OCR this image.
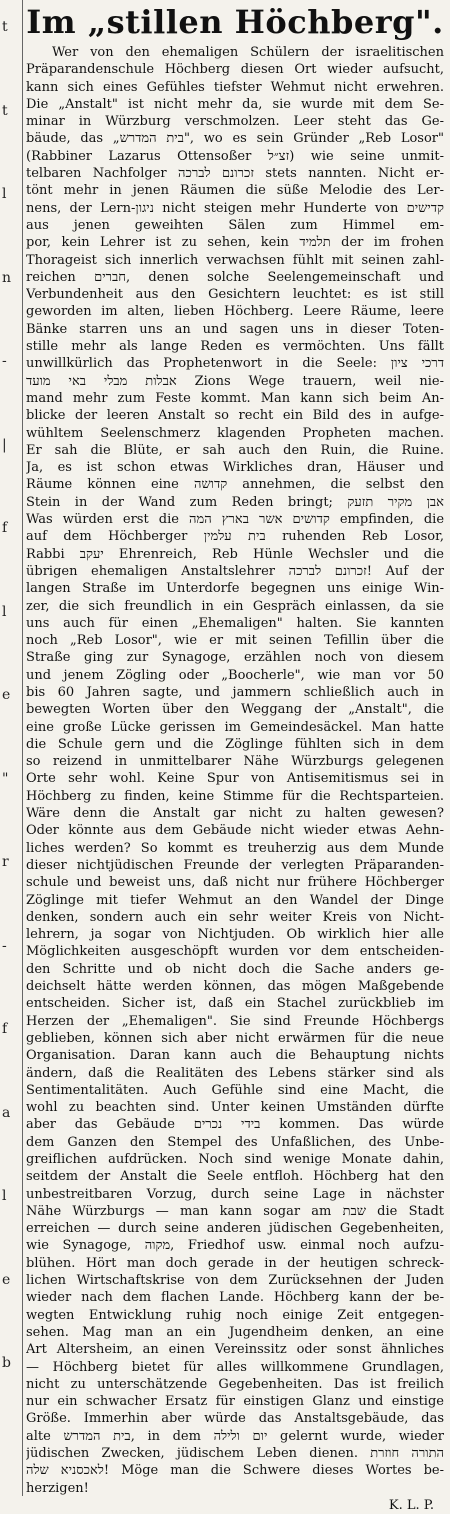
t
t
l
n
-
|
f
l
e
"
r
-
f
a
l
e
b
Im „stillen Höchberg".
Wer von den ehemaligen Schülern der israelitischen
Präparandenschule Höchberg diesen Ort wieder aufsucht,
kann sich eines Gefühles tiefster Wehmut nicht erwehren.
Die „Anstalt" ist nicht mehr da, sie wurde mit dem Se-
minar in Würzburg verschmolzen. Leer steht das Ge-
bäude, das „בית המדרש", wo es sein Gründer „Reb Losor"
(Rabbiner Lazarus Ottensoßer זצ״ל) wie seine unmit-
telbaren Nachfolger זכרונם לברכה stets nannten. Nicht er-
tönt mehr in jenen Räumen die süße Melodie des Ler-
nens, der Lern-ניגון nicht steigen mehr Hunderte von קדישים
aus jenen geweihten Sälen zum Himmel em-
por, kein Lehrer ist zu sehen, kein תלמיד der im frohen
Thorageist sich innerlich verwachsen fühlt mit seinen zahl-
reichen חברים, denen solche Seelengemeinschaft und
Verbundenheit aus den Gesichtern leuchtet: es ist still
geworden im alten, lieben Höchberg. Leere Räume, leere
Bänke starren uns an und sagen uns in dieser Toten-
stille mehr als lange Reden es vermöchten. Uns fällt
unwillkürlich das Prophetenwort in die Seele: דרכי ציון
אבלות מבלי באי מועד Zions Wege trauern, weil nie-
mand mehr zum Feste kommt. Man kann sich beim An-
blicke der leeren Anstalt so recht ein Bild des in aufge-
wühltem Seelenschmerz klagenden Propheten machen.
Er sah die Blüte, er sah auch den Ruin, die Ruine.
Ja, es ist schon etwas Wirkliches dran, Häuser und
Räume können eine קדושה annehmen, die selbst den
Stein in der Wand zum Reden bringt; אבן מקיר תזעק
Was würden erst die קדושים אשר בארץ המה empfinden, die
auf dem Höchberger בית עלמין ruhenden Reb Losor,
Rabbi יעקב Ehrenreich, Reb Hünle Wechsler und die
übrigen ehemaligen Anstaltslehrer זכרונם לברכה! Auf der
langen Straße im Unterdorfe begegnen uns einige Win-
zer, die sich freundlich in ein Gespräch einlassen, da sie
uns auch für einen „Ehemaligen" halten. Sie kannten
noch „Reb Losor", wie er mit seinen Tefillin über die
Straße ging zur Synagoge, erzählen noch von diesem
und jenem Zögling oder „Boocherle", wie man vor 50
bis 60 Jahren sagte, und jammern schließlich auch in
bewegten Worten über den Weggang der „Anstalt", die
eine große Lücke gerissen im Gemeindesäckel. Man hatte
die Schule gern und die Zöglinge fühlten sich in dem
so reizend in unmittelbarer Nähe Würzburgs gelegenen
Orte sehr wohl. Keine Spur von Antisemitismus sei in
Höchberg zu finden, keine Stimme für die Rechtsparteien.
Wäre denn die Anstalt gar nicht zu halten gewesen?
Oder könnte aus dem Gebäude nicht wieder etwas Aehn-
liches werden? So kommt es treuherzig aus dem Munde
dieser nichtjüdischen Freunde der verlegten Präparanden-
schule und beweist uns, daß nicht nur frühere Höchberger
Zöglinge mit tiefer Wehmut an den Wandel der Dinge
denken, sondern auch ein sehr weiter Kreis von Nicht-
lehrern, ja sogar von Nichtjuden. Ob wirklich hier alle
Möglichkeiten ausgeschöpft wurden vor dem entscheiden-
den Schritte und ob nicht doch die Sache anders ge-
deichselt hätte werden können, das mögen Maßgebende
entscheiden. Sicher ist, daß ein Stachel zurückblieb im
Herzen der „Ehemaligen". Sie sind Freunde Höchbergs
geblieben, können sich aber nicht erwärmen für die neue
Organisation. Daran kann auch die Behauptung nichts
ändern, daß die Realitäten des Lebens stärker sind als
Sentimentalitäten. Auch Gefühle sind eine Macht, die
wohl zu beachten sind. Unter keinen Umständen dürfte
aber das Gebäude בידי נכרים kommen. Das würde
dem Ganzen den Stempel des Unfaßlichen, des Unbe-
greiflichen aufdrücken. Noch sind wenige Monate dahin,
seitdem der Anstalt die Seele entfloh. Höchberg hat den
unbestreitbaren Vorzug, durch seine Lage in nächster
Nähe Würzburgs — man kann sogar am שבת die Stadt
erreichen — durch seine anderen jüdischen Gegebenheiten,
wie Synagoge, מקוה, Friedhof usw. einmal noch aufzu-
blühen. Hört man doch gerade in der heutigen schreck-
lichen Wirtschaftskrise von dem Zurücksehnen der Juden
wieder nach dem flachen Lande. Höchberg kann der be-
wegten Entwicklung ruhig noch einige Zeit entgegen-
sehen. Mag man an ein Jugendheim denken, an eine
Art Altersheim, an einen Vereinssitz oder sonst ähnliches
— Höchberg bietet für alles willkommene Grundlagen,
nicht zu unterschätzende Gegebenheiten. Das ist freilich
nur ein schwacher Ersatz für einstigen Glanz und einstige
Größe. Immerhin aber würde das Anstaltsgebäude, das
alte בית המדרש, in dem יום ולילה gelernt wurde, wieder
jüdischen Zwecken, jüdischem Leben dienen. התורה חוזרת
לאכסניא שלה! Möge man die Schwere dieses Wortes be-
herzigen!
K. L. P.
